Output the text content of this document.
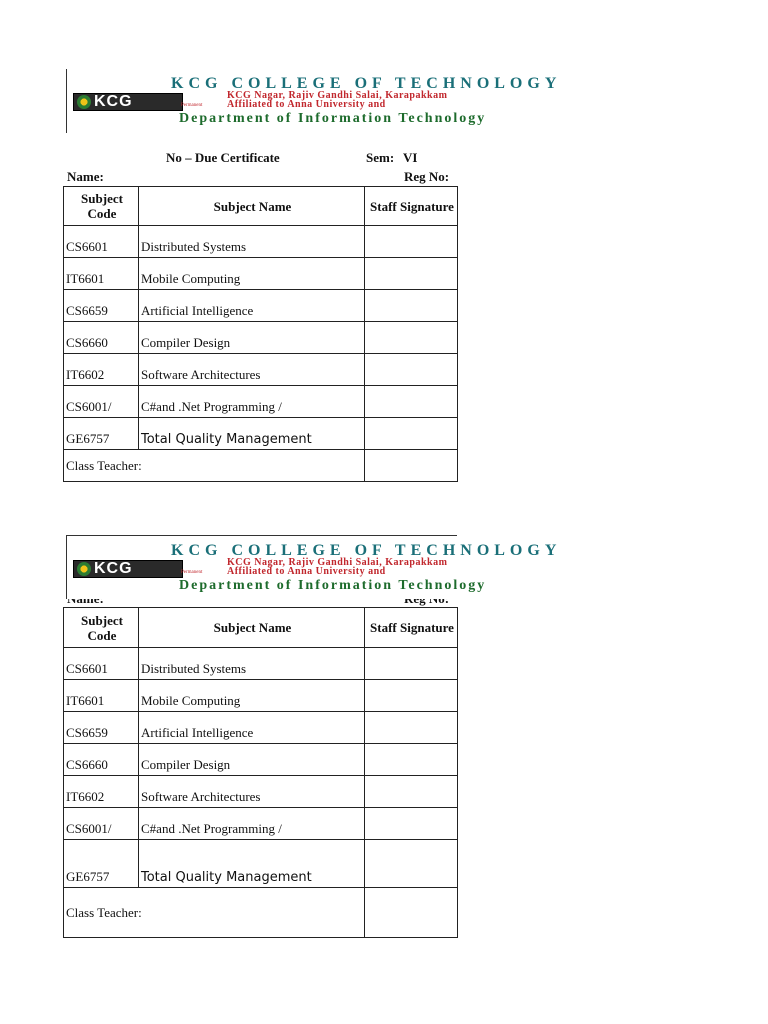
KCG
KCG COLLEGE OF TECHNOLOGY
KCG Nagar, Rajiv Gandhi Salai, Karapakkam
Permanent Affiliated to Anna University and
Department of Information Technology
No – Due Certificate	Sem: VI
Name:	Reg No:
Subject Code	Subject Name	Staff Signature
CS6601	Distributed Systems	
IT6601	Mobile Computing	
CS6659	Artificial Intelligence	
CS6660	Compiler Design	
IT6602	Software Architectures	
CS6001/	C#and .Net Programming /	
GE6757	Total Quality Management	
Class Teacher:		
KCG
KCG COLLEGE OF TECHNOLOGY
KCG Nagar, Rajiv Gandhi Salai, Karapakkam
Permanent Affiliated to Anna University and
Department of Information Technology
Subject Code	Subject Name	Staff Signature
CS6601	Distributed Systems	
IT6601	Mobile Computing	
CS6659	Artificial Intelligence	
CS6660	Compiler Design	
IT6602	Software Architectures	
CS6001/	C#and .Net Programming /	
GE6757	Total Quality Management	
Class Teacher:		
